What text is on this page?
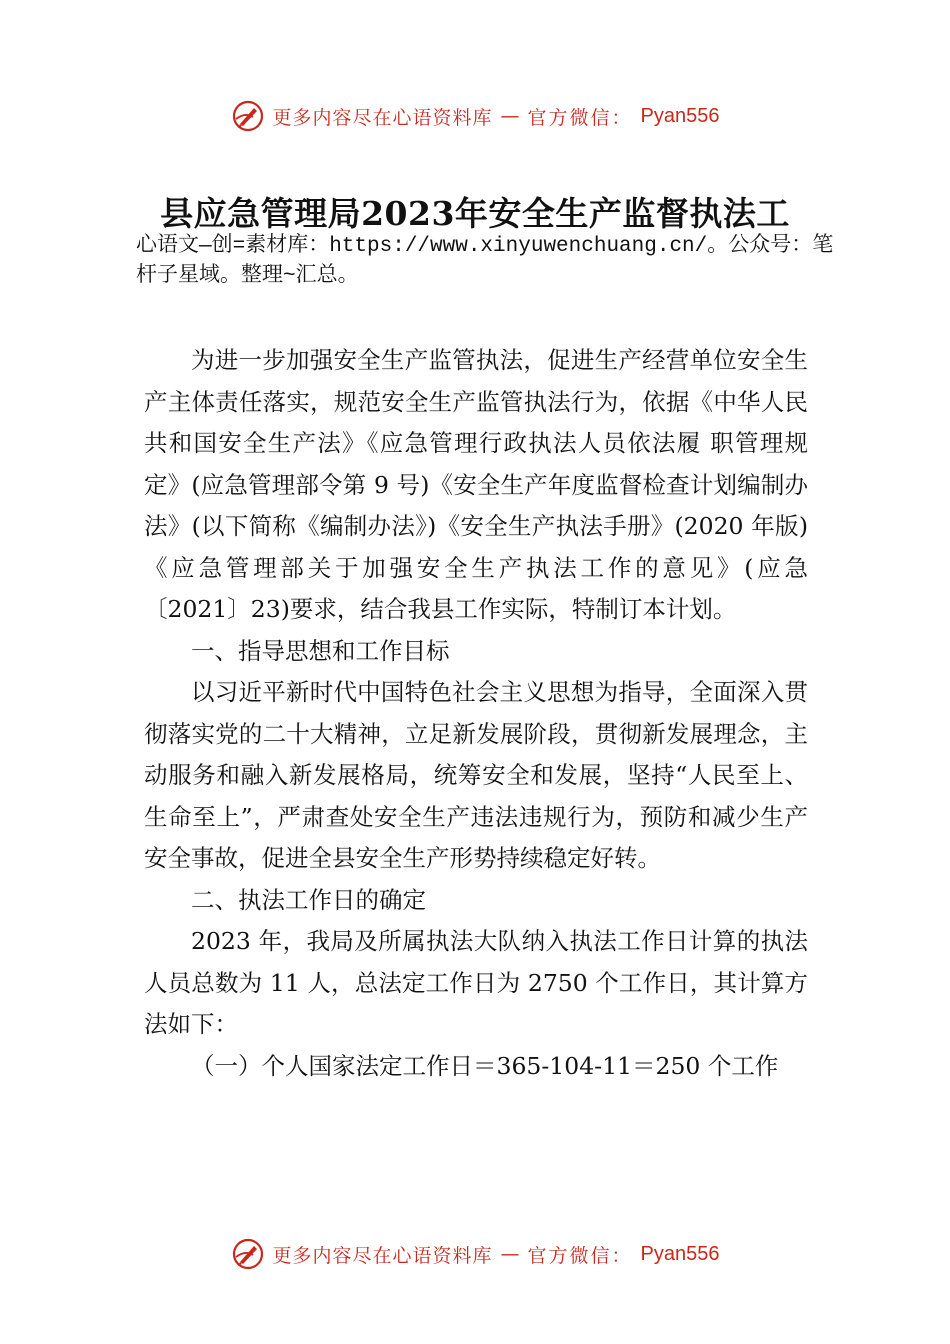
更多内容尽在心语资料库 — 官方微信： Pyan556
县应急管理局2023年安全生产监督执法工
心语文—创=素材库：https://www.xinyuwenchuang.cn/。公众号：笔杆子星域。整理~汇总。

为进一步加强安全生产监管执法，促进生产经营单位安全生产主体责任落实，规范安全生产监管执法行为，依据《中华人民共和国安全生产法》《应急管理行政执法人员依法履 职管理规定》(应急管理部令第 9 号)《安全生产年度监督检查计划编制办法》(以下简称《编制办法》)《安全生产执法手册》(2020 年版)《应急管理部关于加强安全生产执法工作的意见》(应急〔2021〕23)要求，结合我县工作实际，特制订本计划。

一、指导思想和工作目标

以习近平新时代中国特色社会主义思想为指导，全面深入贯彻落实党的二十大精神，立足新发展阶段，贯彻新发展理念，主动服务和融入新发展格局，统筹安全和发展，坚持“人民至上、生命至上”，严肃查处安全生产违法违规行为，预防和减少生产安全事故，促进全县安全生产形势持续稳定好转。

二、执法工作日的确定

2023 年，我局及所属执法大队纳入执法工作日计算的执法人员总数为 11 人，总法定工作日为 2750 个工作日，其计算方法如下：

（一）个人国家法定工作日＝365-104-11＝250 个工作

更多内容尽在心语资料库 — 官方微信： Pyan556
